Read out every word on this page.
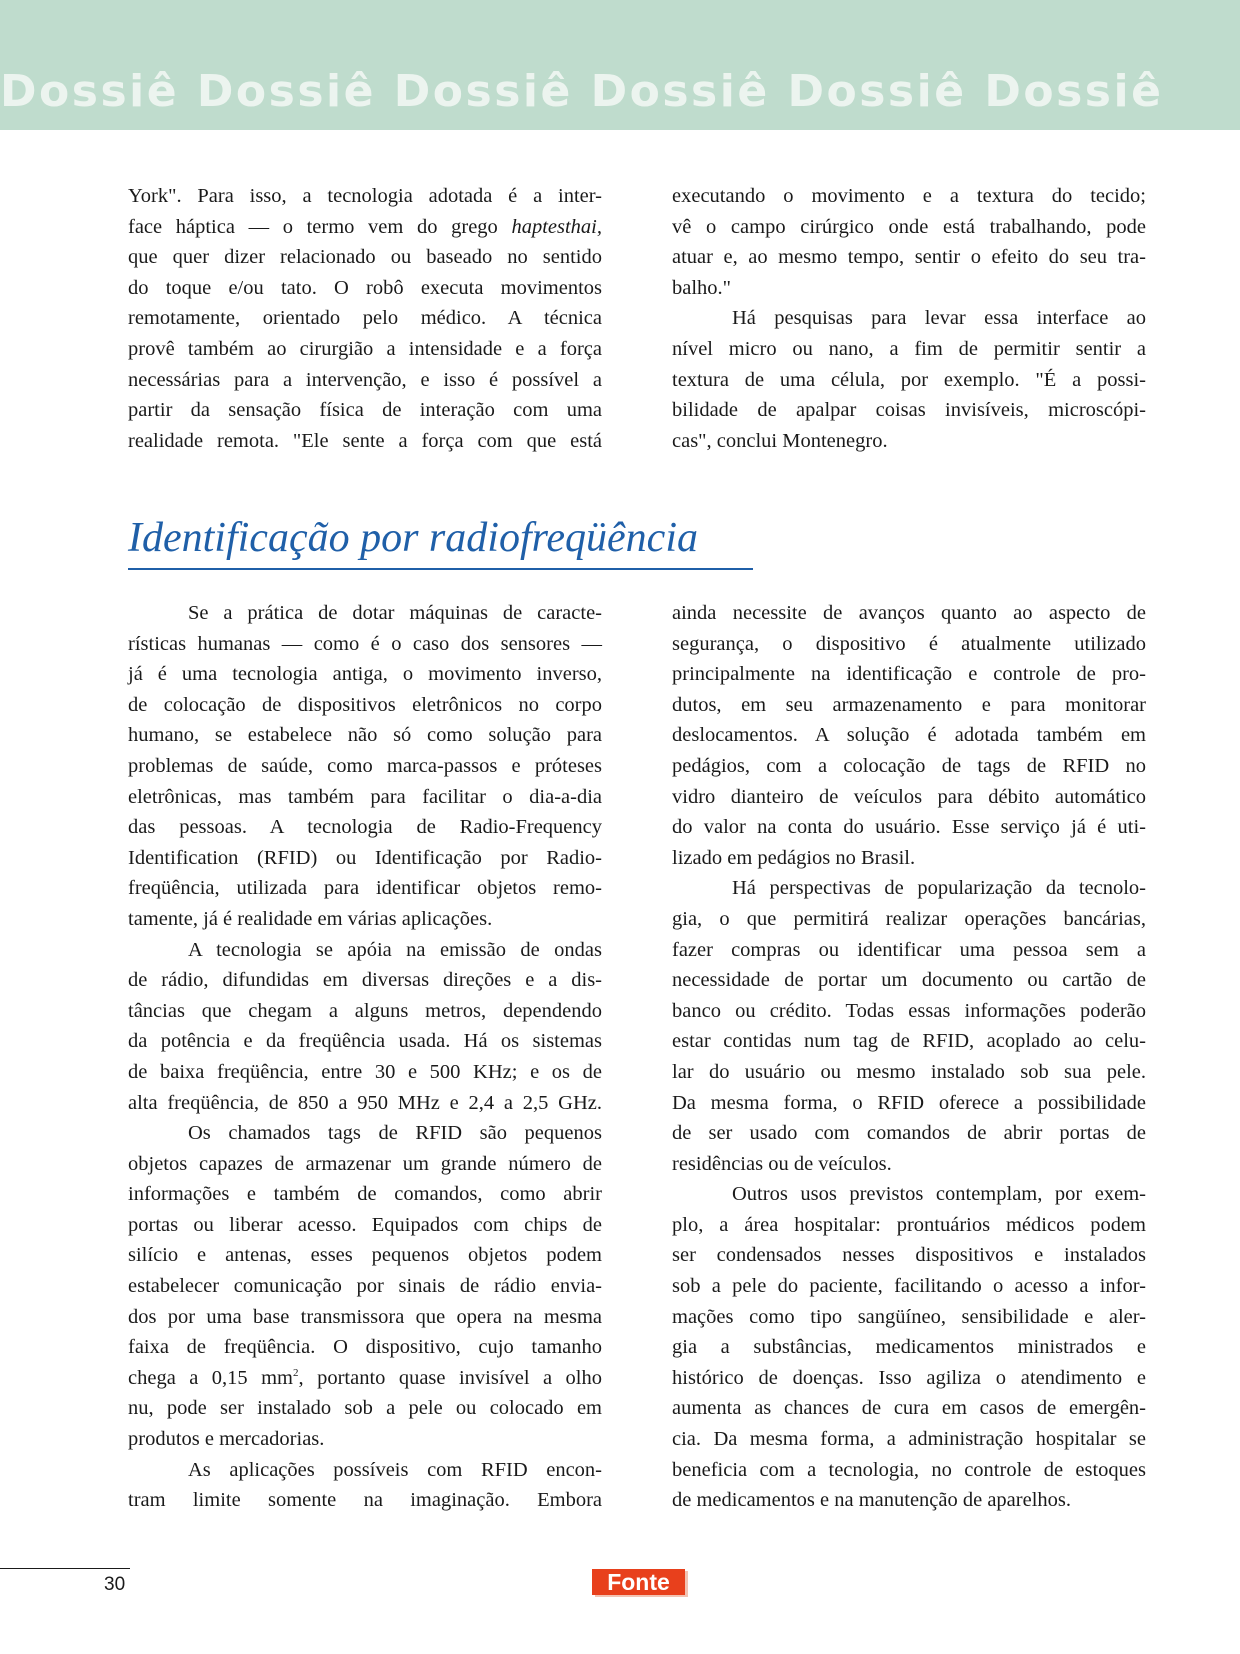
Dossiê Dossiê Dossiê Dossiê Dossiê Dossiê
York". Para isso, a tecnologia adotada é a inter-
face háptica — o termo vem do grego haptesthai,
que quer dizer relacionado ou baseado no sentido
do toque e/ou tato. O robô executa movimentos
remotamente, orientado pelo médico. A técnica
provê também ao cirurgião a intensidade e a força
necessárias para a intervenção, e isso é possível a
partir da sensação física de interação com uma
realidade remota. "Ele sente a força com que está
executando o movimento e a textura do tecido;
vê o campo cirúrgico onde está trabalhando, pode
atuar e, ao mesmo tempo, sentir o efeito do seu tra-
balho."
Há pesquisas para levar essa interface ao
nível micro ou nano, a fim de permitir sentir a
textura de uma célula, por exemplo. "É a possi-
bilidade de apalpar coisas invisíveis, microscópi-
cas", conclui Montenegro.
Identificação por radiofreqüência
Se a prática de dotar máquinas de caracte-
rísticas humanas — como é o caso dos sensores —
já é uma tecnologia antiga, o movimento inverso,
de colocação de dispositivos eletrônicos no corpo
humano, se estabelece não só como solução para
problemas de saúde, como marca-passos e próteses
eletrônicas, mas também para facilitar o dia-a-dia
das pessoas. A tecnologia de Radio-Frequency
Identification (RFID) ou Identificação por Radio-
freqüência, utilizada para identificar objetos remo-
tamente, já é realidade em várias aplicações.
A tecnologia se apóia na emissão de ondas
de rádio, difundidas em diversas direções e a dis-
tâncias que chegam a alguns metros, dependendo
da potência e da freqüência usada. Há os sistemas
de baixa freqüência, entre 30 e 500 KHz; e os de
alta freqüência, de 850 a 950 MHz e 2,4 a 2,5 GHz.
Os chamados tags de RFID são pequenos
objetos capazes de armazenar um grande número de
informações e também de comandos, como abrir
portas ou liberar acesso. Equipados com chips de
silício e antenas, esses pequenos objetos podem
estabelecer comunicação por sinais de rádio envia-
dos por uma base transmissora que opera na mesma
faixa de freqüência. O dispositivo, cujo tamanho
chega a 0,15 $mm^2$, portanto quase invisível a olho
nu, pode ser instalado sob a pele ou colocado em
produtos e mercadorias.
As aplicações possíveis com RFID encon-
tram limite somente na imaginação. Embora
ainda necessite de avanços quanto ao aspecto de
segurança, o dispositivo é atualmente utilizado
principalmente na identificação e controle de pro-
dutos, em seu armazenamento e para monitorar
deslocamentos. A solução é adotada também em
pedágios, com a colocação de tags de RFID no
vidro dianteiro de veículos para débito automático
do valor na conta do usuário. Esse serviço já é uti-
lizado em pedágios no Brasil.
Há perspectivas de popularização da tecnolo-
gia, o que permitirá realizar operações bancárias,
fazer compras ou identificar uma pessoa sem a
necessidade de portar um documento ou cartão de
banco ou crédito. Todas essas informações poderão
estar contidas num tag de RFID, acoplado ao celu-
lar do usuário ou mesmo instalado sob sua pele.
Da mesma forma, o RFID oferece a possibilidade
de ser usado com comandos de abrir portas de
residências ou de veículos.
Outros usos previstos contemplam, por exem-
plo, a área hospitalar: prontuários médicos podem
ser condensados nesses dispositivos e instalados
sob a pele do paciente, facilitando o acesso a infor-
mações como tipo sangüíneo, sensibilidade e aler-
gia a substâncias, medicamentos ministrados e
histórico de doenças. Isso agiliza o atendimento e
aumenta as chances de cura em casos de emergên-
cia. Da mesma forma, a administração hospitalar se
beneficia com a tecnologia, no controle de estoques
de medicamentos e na manutenção de aparelhos.
30	Fonte
